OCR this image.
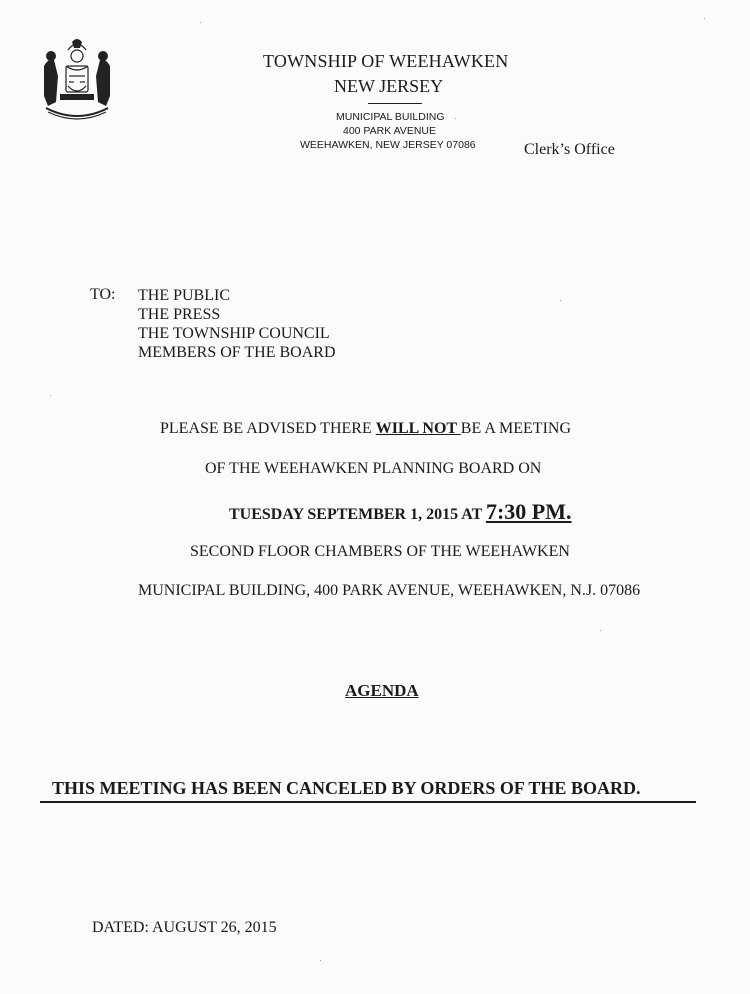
TOWNSHIP OF WEEHAWKEN
NEW JERSEY
MUNICIPAL BUILDING
400 PARK AVENUE
WEEHAWKEN, NEW JERSEY 07086	Clerk’s Office
TO: THE PUBLIC
THE PRESS
THE TOWNSHIP COUNCIL
MEMBERS OF THE BOARD
PLEASE BE ADVISED THERE WILL NOT BE A MEETING
OF THE WEEHAWKEN PLANNING BOARD ON
TUESDAY SEPTEMBER 1, 2015 AT 7:30 PM.
SECOND FLOOR CHAMBERS OF THE WEEHAWKEN
MUNICIPAL BUILDING, 400 PARK AVENUE, WEEHAWKEN, N.J. 07086
AGENDA
THIS MEETING HAS BEEN CANCELED BY ORDERS OF THE BOARD.
DATED: AUGUST 26, 2015
